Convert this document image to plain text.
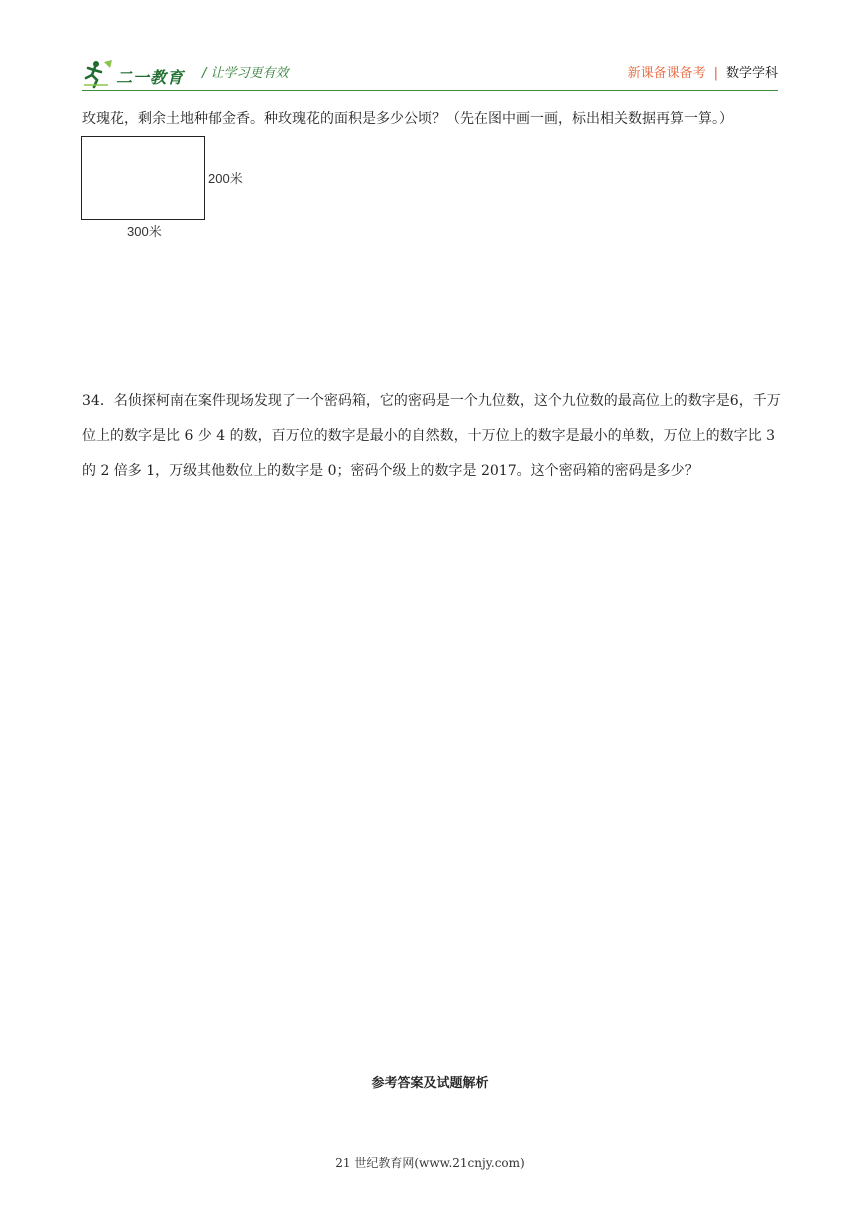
二一教育 / 让学习更有效	新课备课备考 | 数学学科
玫瑰花，剩余土地种郁金香。种玫瑰花的面积是多少公顷？（先在图中画一画，标出相关数据再算一算。）
200米
300米
34．名侦探柯南在案件现场发现了一个密码箱，它的密码是一个九位数，这个九位数的最高位上的数字是6，千万位上的数字是比 6 少 4 的数，百万位的数字是最小的自然数，十万位上的数字是最小的单数，万位上的数字比 3 的 2 倍多 1，万级其他数位上的数字是 0；密码个级上的数字是 2017。这个密码箱的密码是多少？
参考答案及试题解析
21 世纪教育网(www.21cnjy.com)
